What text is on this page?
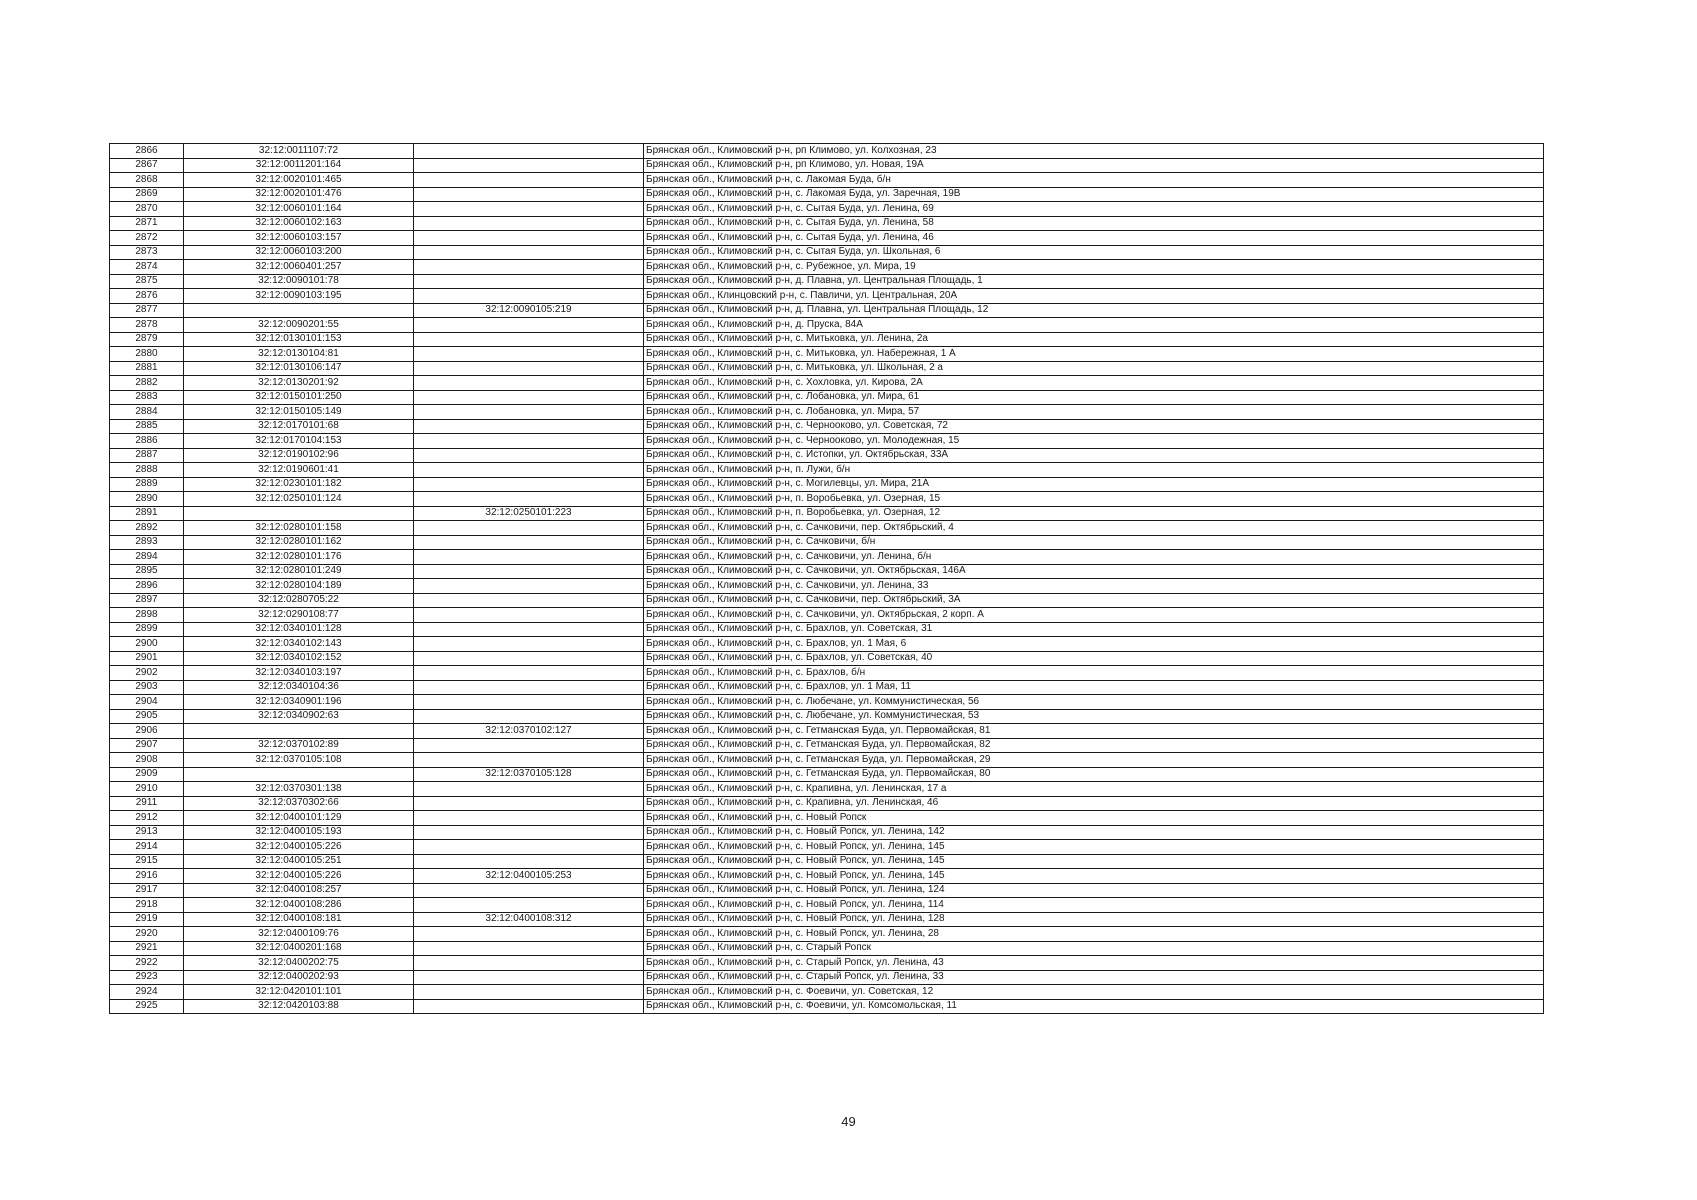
2866	32:12:0011107:72		Брянская обл., Климовский р-н, рп Климово, ул. Колхозная, 23
2867	32:12:0011201:164		Брянская обл., Климовский р-н, рп Климово, ул. Новая, 19А
2868	32:12:0020101:465		Брянская обл., Климовский р-н, с. Лакомая Буда, б/н
2869	32:12:0020101:476		Брянская обл., Климовский р-н, с. Лакомая Буда, ул. Заречная, 19В
2870	32:12:0060101:164		Брянская обл., Климовский р-н, с. Сытая Буда, ул. Ленина, 69
2871	32:12:0060102:163		Брянская обл., Климовский р-н, с. Сытая Буда, ул. Ленина, 58
2872	32:12:0060103:157		Брянская обл., Климовский р-н, с. Сытая Буда, ул. Ленина, 46
2873	32:12:0060103:200		Брянская обл., Климовский р-н, с. Сытая Буда, ул. Школьная, 6
2874	32:12:0060401:257		Брянская обл., Климовский р-н, с. Рубежное, ул. Мира, 19
2875	32:12:0090101:78		Брянская обл., Климовский р-н, д. Плавна, ул. Центральная Площадь, 1
2876	32:12:0090103:195		Брянская обл., Клинцовский р-н, с. Павличи, ул. Центральная, 20А
2877		32:12:0090105:219	Брянская обл., Климовский р-н, д. Плавна, ул. Центральная Площадь, 12
2878	32:12:0090201:55		Брянская обл., Климовский р-н, д. Пруска, 84А
2879	32:12:0130101:153		Брянская обл., Климовский р-н, с. Митьковка, ул. Ленина, 2а
2880	32:12:0130104:81		Брянская обл., Климовский р-н, с. Митьковка, ул. Набережная, 1 А
2881	32:12:0130106:147		Брянская обл., Климовский р-н, с. Митьковка, ул. Школьная, 2 а
2882	32:12:0130201:92		Брянская обл., Климовский р-н, с. Хохловка, ул. Кирова, 2А
2883	32:12:0150101:250		Брянская обл., Климовский р-н, с. Лобановка, ул. Мира, 61
2884	32:12:0150105:149		Брянская обл., Климовский р-н, с. Лобановка, ул. Мира, 57
2885	32:12:0170101:68		Брянская обл., Климовский р-н, с. Чернооково, ул. Советская, 72
2886	32:12:0170104:153		Брянская обл., Климовский р-н, с. Чернооково, ул. Молодежная, 15
2887	32:12:0190102:96		Брянская обл., Климовский р-н, с. Истопки, ул. Октябрьская, 33А
2888	32:12:0190601:41		Брянская обл., Климовский р-н, п. Лужи, б/н
2889	32:12:0230101:182		Брянская обл., Климовский р-н, с. Могилевцы, ул. Мира, 21А
2890	32:12:0250101:124		Брянская обл., Климовский р-н, п. Воробьевка, ул. Озерная, 15
2891		32:12:0250101:223	Брянская обл., Климовский р-н, п. Воробьевка, ул. Озерная, 12
2892	32:12:0280101:158		Брянская обл., Климовский р-н, с. Сачковичи, пер. Октябрьский, 4
2893	32:12:0280101:162		Брянская обл., Климовский р-н, с. Сачковичи, б/н
2894	32:12:0280101:176		Брянская обл., Климовский р-н, с. Сачковичи, ул. Ленина, б/н
2895	32:12:0280101:249		Брянская обл., Климовский р-н, с. Сачковичи, ул. Октябрьская, 146А
2896	32:12:0280104:189		Брянская обл., Климовский р-н, с. Сачковичи, ул. Ленина, 33
2897	32:12:0280705:22		Брянская обл., Климовский р-н, с. Сачковичи, пер. Октябрьский, 3А
2898	32:12:0290108:77		Брянская обл., Климовский р-н, с. Сачковичи, ул. Октябрьская, 2 корп. А
2899	32:12:0340101:128		Брянская обл., Климовский р-н, с. Брахлов, ул. Советская, 31
2900	32:12:0340102:143		Брянская обл., Климовский р-н, с. Брахлов, ул. 1 Мая, 6
2901	32:12:0340102:152		Брянская обл., Климовский р-н, с. Брахлов, ул. Советская, 40
2902	32:12:0340103:197		Брянская обл., Климовский р-н, с. Брахлов, б/н
2903	32:12:0340104:36		Брянская обл., Климовский р-н, с. Брахлов, ул. 1 Мая, 11
2904	32:12:0340901:196		Брянская обл., Климовский р-н, с. Любечане, ул. Коммунистическая, 56
2905	32:12:0340902:63		Брянская обл., Климовский р-н, с. Любечане, ул. Коммунистическая, 53
2906		32:12:0370102:127	Брянская обл., Климовский р-н, с. Гетманская Буда, ул. Первомайская, 81
2907	32:12:0370102:89		Брянская обл., Климовский р-н, с. Гетманская Буда, ул. Первомайская, 82
2908	32:12:0370105:108		Брянская обл., Климовский р-н, с. Гетманская Буда, ул. Первомайская, 29
2909		32:12:0370105:128	Брянская обл., Климовский р-н, с. Гетманская Буда, ул. Первомайская, 80
2910	32:12:0370301:138		Брянская обл., Климовский р-н, с. Крапивна, ул. Ленинская, 17 а
2911	32:12:0370302:66		Брянская обл., Климовский р-н, с. Крапивна, ул. Ленинская, 46
2912	32:12:0400101:129		Брянская обл., Климовский р-н, с. Новый Ропск
2913	32:12:0400105:193		Брянская обл., Климовский р-н, с. Новый Ропск, ул. Ленина, 142
2914	32:12:0400105:226		Брянская обл., Климовский р-н, с. Новый Ропск, ул. Ленина, 145
2915	32:12:0400105:251		Брянская обл., Климовский р-н, с. Новый Ропск, ул. Ленина, 145
2916	32:12:0400105:226	32:12:0400105:253	Брянская обл., Климовский р-н, с. Новый Ропск, ул. Ленина, 145
2917	32:12:0400108:257		Брянская обл., Климовский р-н, с. Новый Ропск, ул. Ленина, 124
2918	32:12:0400108:286		Брянская обл., Климовский р-н, с. Новый Ропск, ул. Ленина, 114
2919	32:12:0400108:181	32:12:0400108:312	Брянская обл., Климовский р-н, с. Новый Ропск, ул. Ленина, 128
2920	32:12:0400109:76		Брянская обл., Климовский р-н, с. Новый Ропск, ул. Ленина, 28
2921	32:12:0400201:168		Брянская обл., Климовский р-н, с. Старый Ропск
2922	32:12:0400202:75		Брянская обл., Климовский р-н, с. Старый Ропск, ул. Ленина, 43
2923	32:12:0400202:93		Брянская обл., Климовский р-н, с. Старый Ропск, ул. Ленина, 33
2924	32:12:0420101:101		Брянская обл., Климовский р-н, с. Фоевичи, ул. Советская, 12
2925	32:12:0420103:88		Брянская обл., Климовский р-н, с. Фоевичи, ул. Комсомольская, 11
49
